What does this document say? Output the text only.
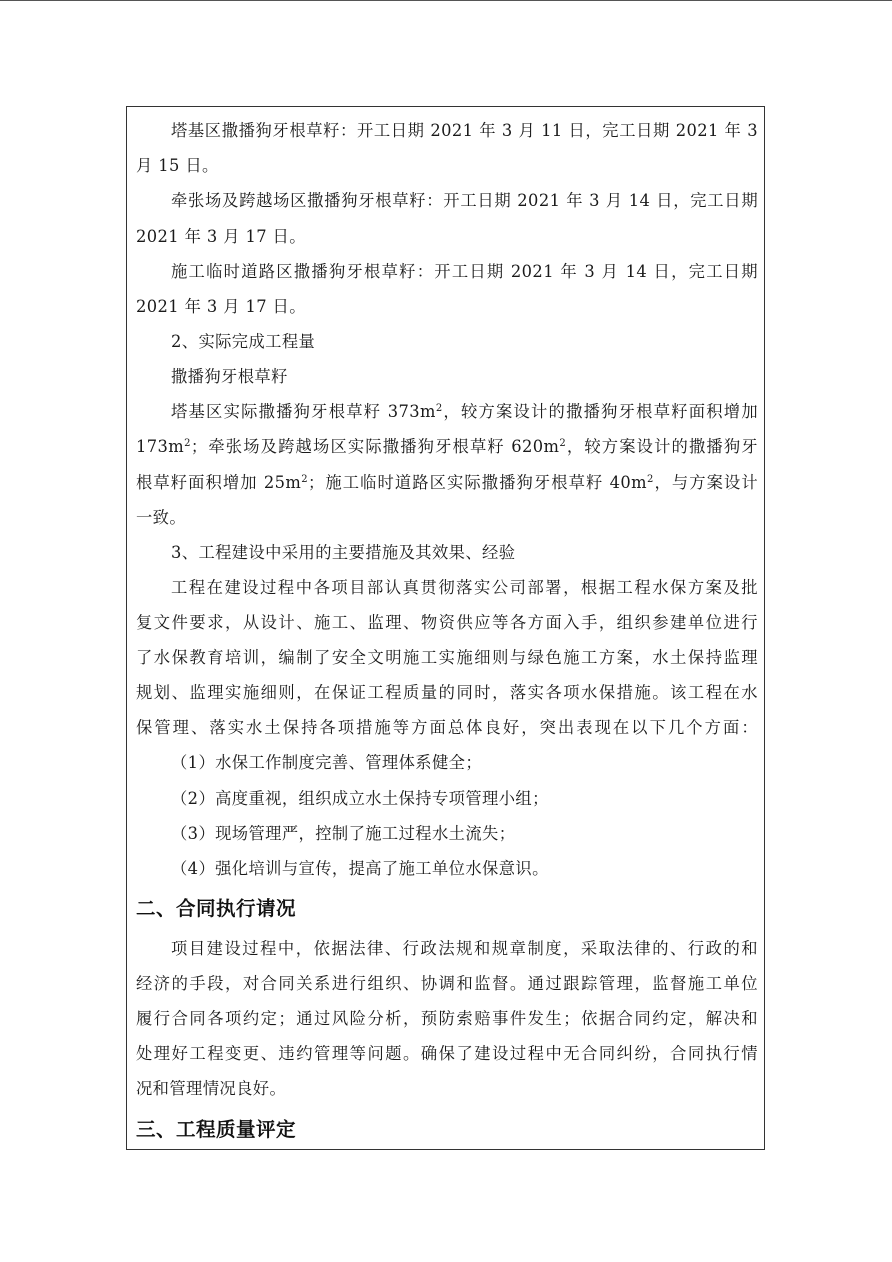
塔基区撒播狗牙根草籽：开工日期 2021 年 3 月 11 日，完工日期 2021 年 3
月 15 日。
牵张场及跨越场区撒播狗牙根草籽：开工日期 2021 年 3 月 14 日，完工日期
2021 年 3 月 17 日。
施工临时道路区撒播狗牙根草籽：开工日期 2021 年 3 月 14 日，完工日期
2021 年 3 月 17 日。
2、实际完成工程量
撒播狗牙根草籽
塔基区实际撒播狗牙根草籽 $373m^2$，较方案设计的撒播狗牙根草籽面积增加
$173m^2$；牵张场及跨越场区实际撒播狗牙根草籽 $620m^2$，较方案设计的撒播狗牙
根草籽面积增加 $25m^2$；施工临时道路区实际撒播狗牙根草籽 $40m^2$，与方案设计
一致。
3、工程建设中采用的主要措施及其效果、经验
工程在建设过程中各项目部认真贯彻落实公司部署，根据工程水保方案及批
复文件要求，从设计、施工、监理、物资供应等各方面入手，组织参建单位进行
了水保教育培训，编制了安全文明施工实施细则与绿色施工方案，水土保持监理
规划、监理实施细则，在保证工程质量的同时，落实各项水保措施。该工程在水
保管理、落实水土保持各项措施等方面总体良好，突出表现在以下几个方面：
（1）水保工作制度完善、管理体系健全；
（2）高度重视，组织成立水土保持专项管理小组；
（3）现场管理严，控制了施工过程水土流失；
（4）强化培训与宣传，提高了施工单位水保意识。
二、合同执行请况
项目建设过程中，依据法律、行政法规和规章制度，采取法律的、行政的和
经济的手段，对合同关系进行组织、协调和监督。通过跟踪管理，监督施工单位
履行合同各项约定；通过风险分析，预防索赔事件发生；依据合同约定，解决和
处理好工程变更、违约管理等问题。确保了建设过程中无合同纠纷，合同执行情
况和管理情况良好。
三、工程质量评定
